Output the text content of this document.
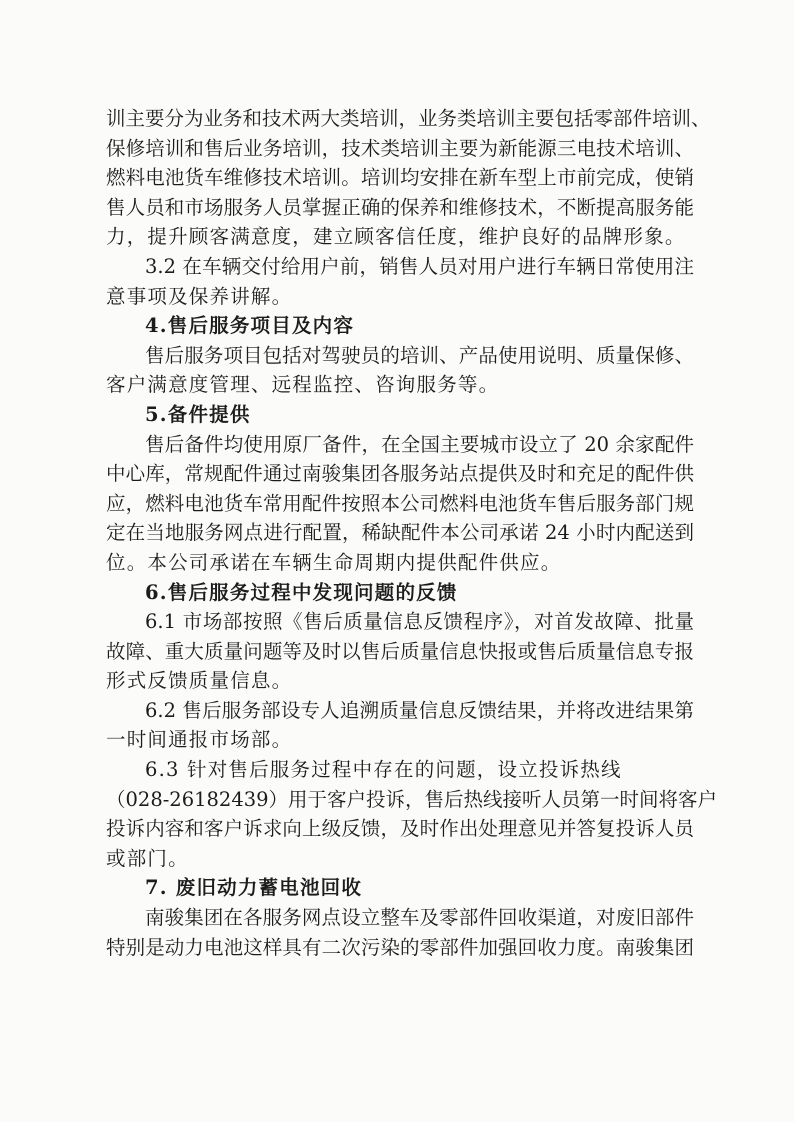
训主要分为业务和技术两大类培训，业务类培训主要包括零部件培训、
保修培训和售后业务培训，技术类培训主要为新能源三电技术培训、
燃料电池货车维修技术培训。培训均安排在新车型上市前完成，使销
售人员和市场服务人员掌握正确的保养和维修技术，不断提高服务能
力，提升顾客满意度，建立顾客信任度，维护良好的品牌形象。
3.2 在车辆交付给用户前，销售人员对用户进行车辆日常使用注
意事项及保养讲解。
4.售后服务项目及内容
售后服务项目包括对驾驶员的培训、产品使用说明、质量保修、
客户满意度管理、远程监控、咨询服务等。
5.备件提供
售后备件均使用原厂备件，在全国主要城市设立了 20 余家配件
中心库，常规配件通过南骏集团各服务站点提供及时和充足的配件供
应，燃料电池货车常用配件按照本公司燃料电池货车售后服务部门规
定在当地服务网点进行配置，稀缺配件本公司承诺 24 小时内配送到
位。本公司承诺在车辆生命周期内提供配件供应。
6.售后服务过程中发现问题的反馈
6.1 市场部按照《售后质量信息反馈程序》，对首发故障、批量
故障、重大质量问题等及时以售后质量信息快报或售后质量信息专报
形式反馈质量信息。
6.2 售后服务部设专人追溯质量信息反馈结果，并将改进结果第
一时间通报市场部。
6.3 针对售后服务过程中存在的问题，设立投诉热线
（028-26182439）用于客户投诉，售后热线接听人员第一时间将客户
投诉内容和客户诉求向上级反馈，及时作出处理意见并答复投诉人员
或部门。
7. 废旧动力蓄电池回收
南骏集团在各服务网点设立整车及零部件回收渠道，对废旧部件
特别是动力电池这样具有二次污染的零部件加强回收力度。南骏集团
